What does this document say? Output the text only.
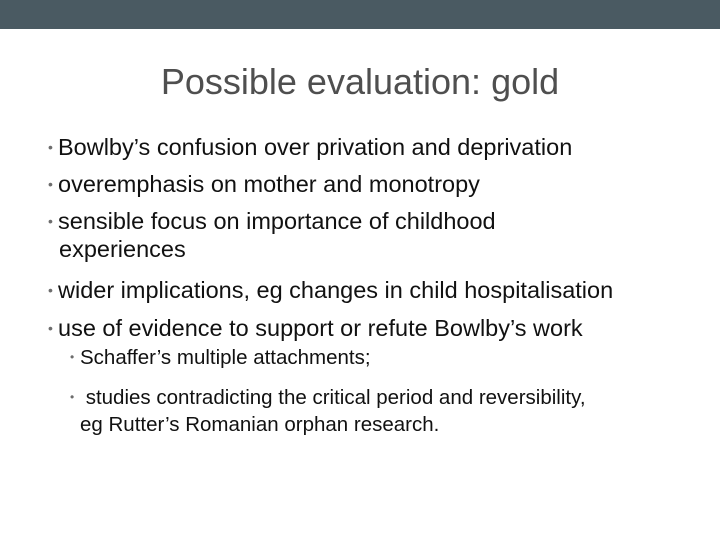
Possible evaluation: gold
• Bowlby’s confusion over privation and deprivation
• overemphasis on mother and monotropy
• sensible focus on importance of childhood
experiences
• wider implications, eg changes in child hospitalisation
• use of evidence to support or refute Bowlby’s work
• Schaffer’s multiple attachments;
• studies contradicting the critical period and reversibility,
eg Rutter’s Romanian orphan research.
